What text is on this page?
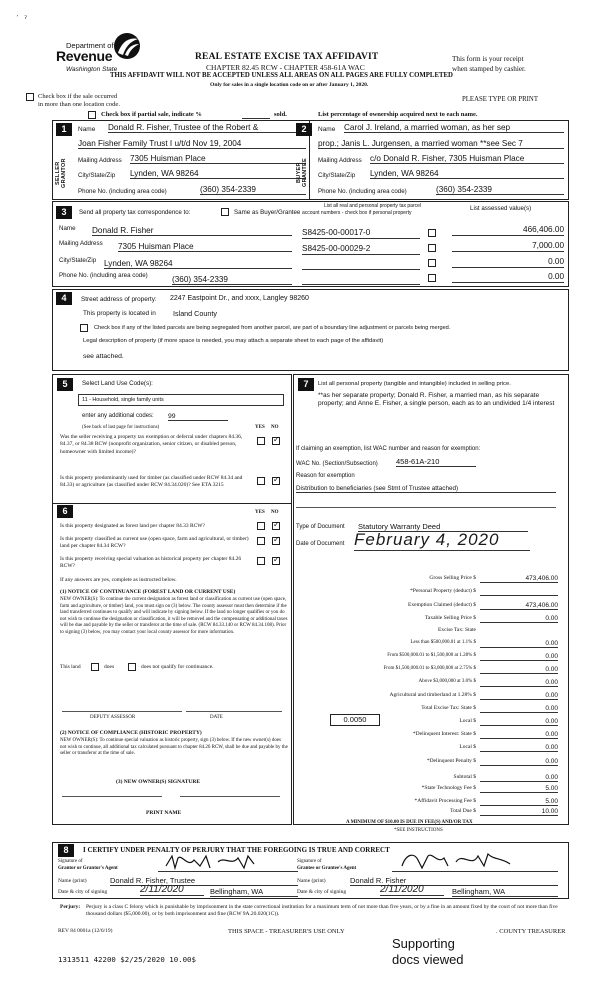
᾽   ˀ
Department of
Revenue
Washington State
REAL ESTATE EXCISE TAX AFFIDAVIT
CHAPTER 82.45 RCW - CHAPTER 458-61A WAC
THIS AFFIDAVIT WILL NOT BE ACCEPTED UNLESS ALL AREAS ON ALL PAGES ARE FULLY COMPLETED
Only for sales in a single location code on or after January 1, 2020.
This form is your receipt
when stamped by cashier.
PLEASE TYPE OR PRINT
Check box if the sale occurred
in more than one location code.
Check box if partial sale, indicate %	sold.	List percentage of ownership acquired next to each name.
1
SELLER GRANTOR
Name Donald R. Fisher, Trustee of the Robert &
Joan Fisher Family Trust I u/t/d Nov 19, 2004
Mailing Address 7305 Huisman Place
City/State/Zip Lynden, WA 98264
Phone No. (including area code)	(360) 354-2339
2
BUYER GRANTEE
Name Carol J. Ireland, a married woman, as her sep
prop.; Janis L. Jurgensen, a married woman **see Sec 7
Mailing Address c/o Donald R. Fisher, 7305 Huisman Place
City/State/Zip Lynden, WA 98264
Phone No. (including area code)	(360) 354-2339
3	Send all property tax correspondence to:	Same as Buyer/Grantee
List all real and personal property tax parcel
account numbers - check box if personal property
List assessed value(s)
Name Donald R. Fisher
Mailing Address 7305 Huisman Place
City/State/Zip Lynden, WA 98264
Phone No. (including area code)	(360) 354-2339
S8425-00-00017-0	466,406.00
S8425-00-00029-2	7,000.00
0.00
0.00
4	Street address of property: 2247 Eastpoint Dr., and xxxx, Langley 98260
This property is located in Island County
Check box if any of the listed parcels are being segregated from another parcel, are part of a boundary line adjustment or parcels being merged.
Legal description of property (if more space is needed, you may attach a separate sheet to each page of the affidavit)
see attached.
5	Select Land Use Code(s):
11 - Household, single family units
enter any additional codes: 99
(See back of last page for instructions)	YES NO
Was the seller receiving a property tax exemption or deferral under chapters 84.36, 84.37, or 84.38 RCW (nonprofit organization, senior citizen, or disabled person, homeowner with limited income)?
✓
Is this property predominantly used for timber (as classified under RCW 84.34 and 84.33) or agriculture (as classified under RCW 84.34.020)? See ETA 3215
✓
6	YES NO
Is this property designated as forest land per chapter 84.33 RCW?
✓
Is this property classified as current use (open space, farm and agricultural, or timber) land per chapter 84.34 RCW?
✓
Is this property receiving special valuation as historical property per chapter 84.26 RCW?
✓
If any answers are yes, complete as instructed below.
(1) NOTICE OF CONTINUANCE (FOREST LAND OR CURRENT USE)
NEW OWNER(S): To continue the current designation as forest land or classification as current use (open space, farm and agriculture, or timber) land, you must sign on (3) below. The county assessor must then determine if the land transferred continues to qualify and will indicate by signing below. If the land no longer qualifies or you do not wish to continue the designation or classification, it will be removed and the compensating or additional taxes will be due and payable by the seller or transferor at the time of sale. (RCW 84.33.140 or RCW 84.34.108). Prior to signing (3) below, you may contact your local county assessor for more information.
This land	does	does not qualify for continuance.
DEPUTY ASSESSOR	DATE
(2) NOTICE OF COMPLIANCE (HISTORIC PROPERTY)
NEW OWNER(S): To continue special valuation as historic property, sign (3) below. If the new owner(s) does not wish to continue, all additional tax calculated pursuant to chapter 84.26 RCW, shall be due and payable by the seller or transferor at the time of sale.
(3) NEW OWNER(S) SIGNATURE
PRINT NAME
7	List all personal property (tangible and intangible) included in selling price.
**as her separate property; Donald R. Fisher, a married man, as his separate property; and Anne E. Fisher, a single person, each as to an undivided 1/4 interest
If claiming an exemption, list WAC number and reason for exemption:
WAC No. (Section/Subsection) 458-61A-210
Reason for exemption
Distribution to beneficiaries (see Stmt of Trustee attached)
Type of Document Statutory Warranty Deed
Date of Document February 4, 2020
Gross Selling Price $	473,406.00
*Personal Property (deduct) $
Exemption Claimed (deduct) $	473,406.00
Taxable Selling Price $	0.00
Excise Tax: State
Less than $500,000.01 at 1.1% $	0.00
From $500,000.01 to $1,500,000 at 1.28% $	0.00
From $1,500,000.01 to $3,000,000 at 2.75% $	0.00
Above $3,000,000 at 3.0% $	0.00
Agricultural and timberland at 1.28% $	0.00
Total Excise Tax: State $	0.00
0.0050	Local $	0.00
*Delinquent Interest: State $	0.00
Local $	0.00
*Delinquent Penalty $	0.00
Subtotal $	0.00
*State Technology Fee $	5.00
*Affidavit Processing Fee $	5.00
Total Due $	10.00
A MINIMUM OF $10.00 IS DUE IN FEE(S) AND/OR TAX
*SEE INSTRUCTIONS
8	I CERTIFY UNDER PENALTY OF PERJURY THAT THE FOREGOING IS TRUE AND CORRECT
Signature of
Grantor or Grantor's Agent
Signature of
Grantee or Grantee's Agent
Name (print)	Donald R. Fisher, Trustee	Name (print)	Donald R. Fisher
Date & city of signing	2/11/2020	Bellingham, WA	Date & city of signing	2/11/2020	Bellingham, WA
Perjury: Perjury is a class C felony which is punishable by imprisonment in the state correctional institution for a maximum term of not more than five years, or by a fine in an amount fixed by the court of not more than five thousand dollars ($5,000.00), or by both imprisonment and fine (RCW 9A.20.020(1C)).
REV 84 0001a (12/6/19)	THIS SPACE - TREASURER'S USE ONLY	. COUNTY TREASURER
1313511 42200 $2/25/2020 10.00$
Supporting
docs viewed
